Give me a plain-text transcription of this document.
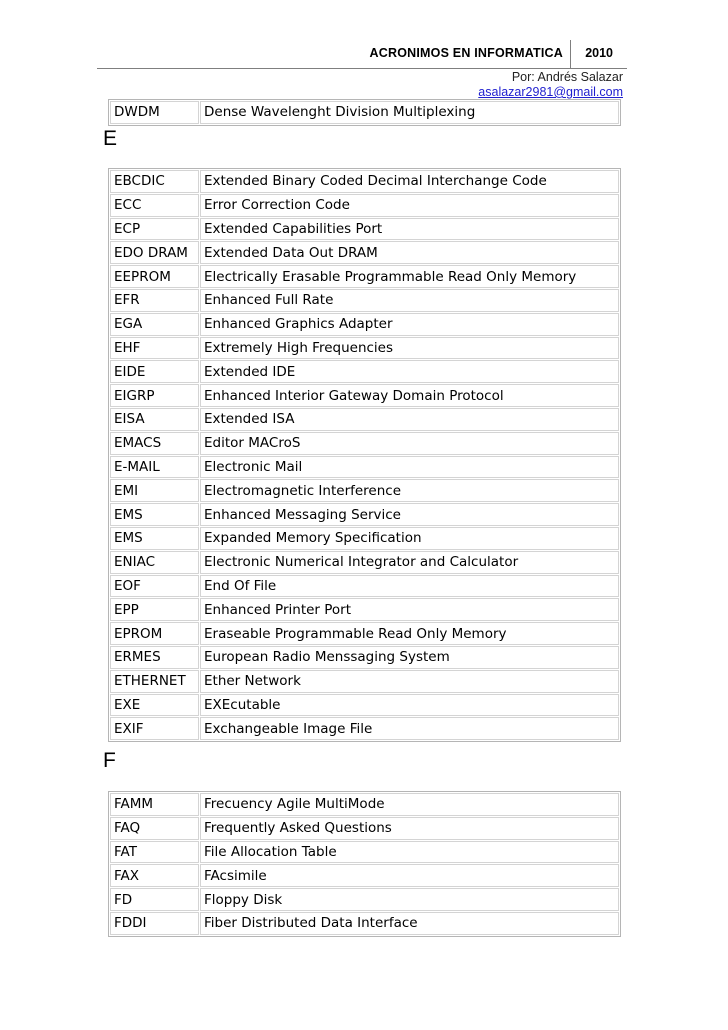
ACRONIMOS EN INFORMATICA 2010
Por: Andrés Salazar
asalazar2981@gmail.com
DWDM	Dense Wavelenght Division Multiplexing
E
EBCDIC	Extended Binary Coded Decimal Interchange Code
ECC	Error Correction Code
ECP	Extended Capabilities Port
EDO DRAM	Extended Data Out DRAM
EEPROM	Electrically Erasable Programmable Read Only Memory
EFR	Enhanced Full Rate
EGA	Enhanced Graphics Adapter
EHF	Extremely High Frequencies
EIDE	Extended IDE
EIGRP	Enhanced Interior Gateway Domain Protocol
EISA	Extended ISA
EMACS	Editor MACroS
E-MAIL	Electronic Mail
EMI	Electromagnetic Interference
EMS	Enhanced Messaging Service
EMS	Expanded Memory Specification
ENIAC	Electronic Numerical Integrator and Calculator
EOF	End Of File
EPP	Enhanced Printer Port
EPROM	Eraseable Programmable Read Only Memory
ERMES	European Radio Menssaging System
ETHERNET	Ether Network
EXE	EXEcutable
EXIF	Exchangeable Image File
F
FAMM	Frecuency Agile MultiMode
FAQ	Frequently Asked Questions
FAT	File Allocation Table
FAX	FAcsimile
FD	Floppy Disk
FDDI	Fiber Distributed Data Interface
